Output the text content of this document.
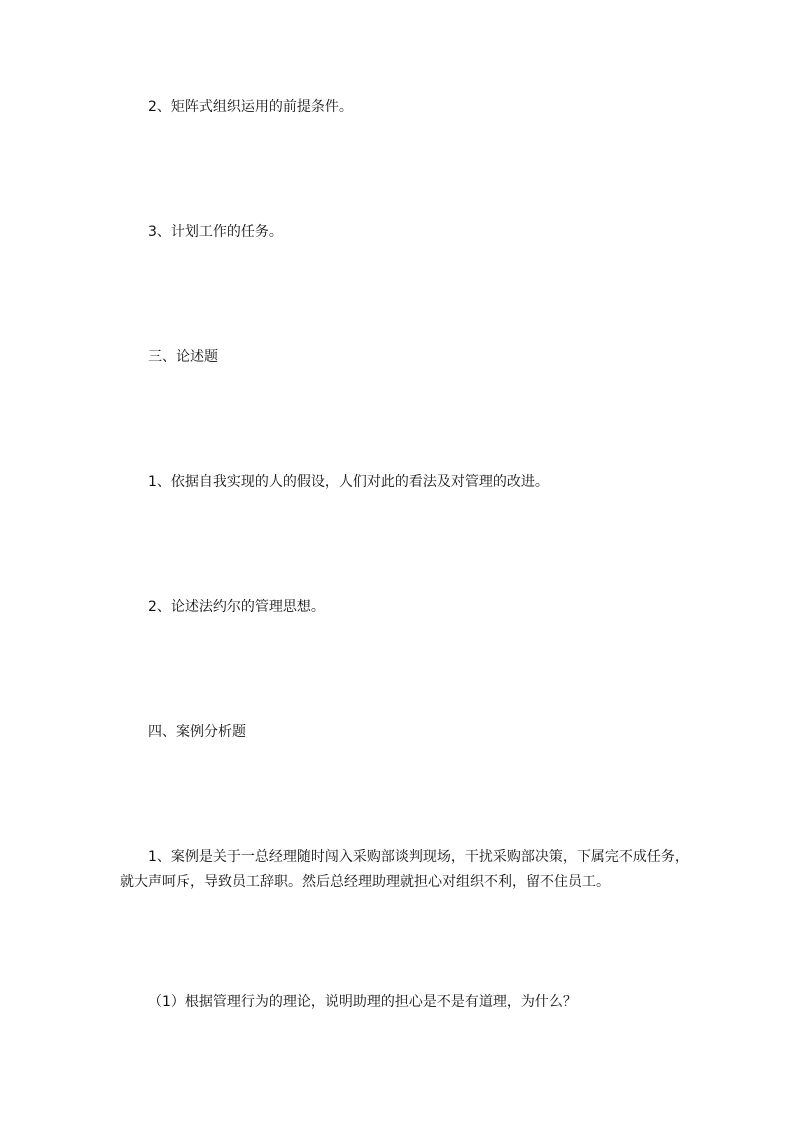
2、矩阵式组织运用的前提条件。
3、计划工作的任务。
三、论述题
1、依据自我实现的人的假设，人们对此的看法及对管理的改进。
2、论述法约尔的管理思想。
四、案例分析题
1、案例是关于一总经理随时闯入采购部谈判现场，干扰采购部决策，下属完不成任务，就大声呵斥，导致员工辞职。然后总经理助理就担心对组织不利，留不住员工。
（1）根据管理行为的理论，说明助理的担心是不是有道理，为什么？
